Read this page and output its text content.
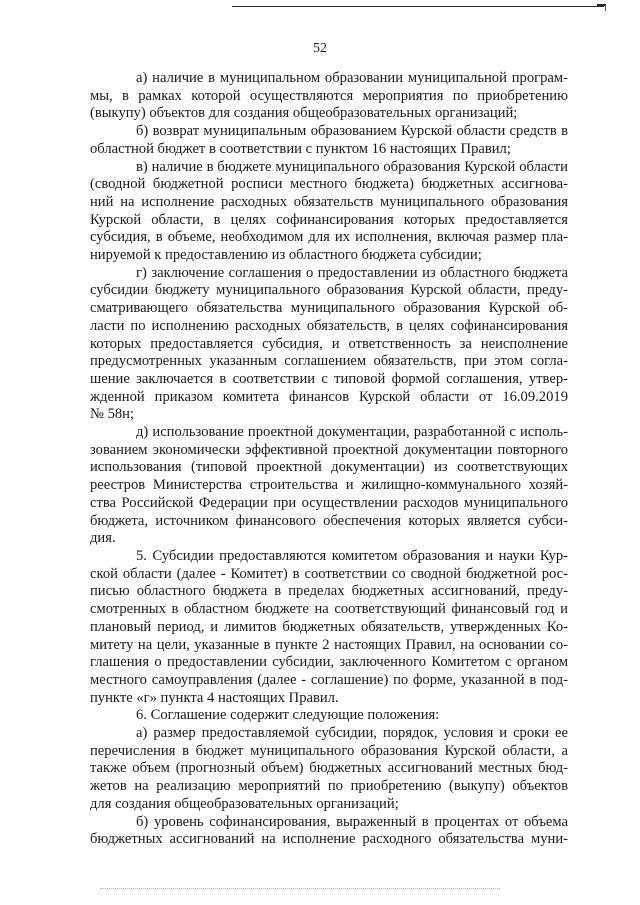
52
а) наличие в муниципальном образовании муниципальной програм-
мы, в рамках которой осуществляются мероприятия по приобретению
(выкупу) объектов для создания общеобразовательных организаций;
б) возврат муниципальным образованием Курской области средств в
областной бюджет в соответствии с пунктом 16 настоящих Правил;
в) наличие в бюджете муниципального образования Курской области
(сводной бюджетной росписи местного бюджета) бюджетных ассигнова-
ний на исполнение расходных обязательств муниципального образования
Курской области, в целях софинансирования которых предоставляется
субсидия, в объеме, необходимом для их исполнения, включая размер пла-
нируемой к предоставлению из областного бюджета субсидии;
г) заключение соглашения о предоставлении из областного бюджета
субсидии бюджету муниципального образования Курской области, преду-
сматривающего обязательства муниципального образования Курской об-
ласти по исполнению расходных обязательств, в целях софинансирования
которых предоставляется субсидия, и ответственность за неисполнение
предусмотренных указанным соглашением обязательств, при этом согла-
шение заключается в соответствии с типовой формой соглашения, утвер-
жденной приказом комитета финансов Курской области от 16.09.2019
№ 58н;
д) использование проектной документации, разработанной с исполь-
зованием экономически эффективной проектной документации повторного
использования (типовой проектной документации) из соответствующих
реестров Министерства строительства и жилищно-коммунального хозяй-
ства Российской Федерации при осуществлении расходов муниципального
бюджета, источником финансового обеспечения которых является субси-
дия.
5. Субсидии предоставляются комитетом образования и науки Кур-
ской области (далее - Комитет) в соответствии со сводной бюджетной рос-
писью областного бюджета в пределах бюджетных ассигнований, преду-
смотренных в областном бюджете на соответствующий финансовый год и
плановый период, и лимитов бюджетных обязательств, утвержденных Ко-
митету на цели, указанные в пункте 2 настоящих Правил, на основании со-
глашения о предоставлении субсидии, заключенного Комитетом с органом
местного самоуправления (далее - соглашение) по форме, указанной в под-
пункте «г» пункта 4 настоящих Правил.
6. Соглашение содержит следующие положения:
а) размер предоставляемой субсидии, порядок, условия и сроки ее
перечисления в бюджет муниципального образования Курской области, а
также объем (прогнозный объем) бюджетных ассигнований местных бюд-
жетов на реализацию мероприятий по приобретению (выкупу) объектов
для создания общеобразовательных организаций;
б) уровень софинансирования, выраженный в процентах от объема
бюджетных ассигнований на исполнение расходного обязательства муни-
